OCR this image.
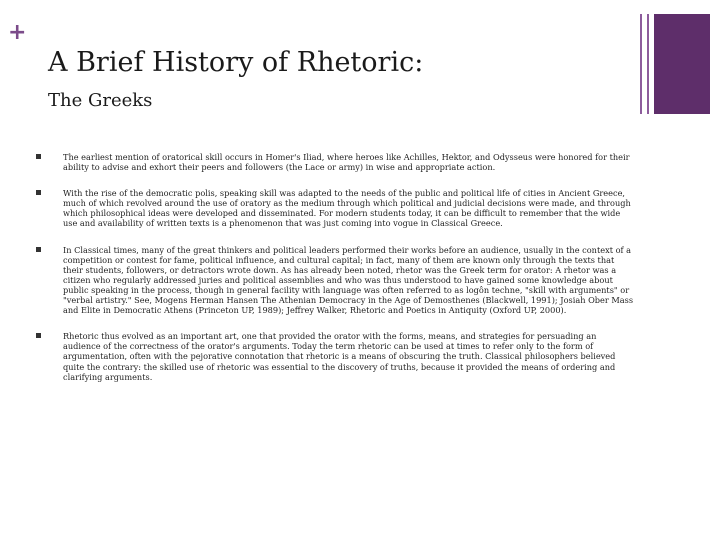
+
A Brief History of Rhetoric:
The Greeks
The earliest mention of oratorical skill occurs in Homer's Iliad, where heroes like Achilles, Hektor, and Odysseus were honored for their ability to advise and exhort their peers and followers (the Lace or army) in wise and appropriate action.
With the rise of the democratic polis, speaking skill was adapted to the needs of the public and political life of cities in Ancient Greece, much of which revolved around the use of oratory as the medium through which political and judicial decisions were made, and through which philosophical ideas were developed and disseminated. For modern students today, it can be difficult to remember that the wide use and availability of written texts is a phenomenon that was just coming into vogue in Classical Greece.
In Classical times, many of the great thinkers and political leaders performed their works before an audience, usually in the context of a competition or contest for fame, political influence, and cultural capital; in fact, many of them are known only through the texts that their students, followers, or detractors wrote down. As has already been noted, rhetor was the Greek term for orator: A rhetor was a citizen who regularly addressed juries and political assemblies and who was thus understood to have gained some knowledge about public speaking in the process, though in general facility with language was often referred to as logôn techne, "skill with arguments" or "verbal artistry." See, Mogens Herman Hansen The Athenian Democracy in the Age of Demosthenes (Blackwell, 1991); Josiah Ober Mass and Elite in Democratic Athens (Princeton UP, 1989); Jeffrey Walker, Rhetoric and Poetics in Antiquity (Oxford UP, 2000).
Rhetoric thus evolved as an important art, one that provided the orator with the forms, means, and strategies for persuading an audience of the correctness of the orator's arguments. Today the term rhetoric can be used at times to refer only to the form of argumentation, often with the pejorative connotation that rhetoric is a means of obscuring the truth. Classical philosophers believed quite the contrary: the skilled use of rhetoric was essential to the discovery of truths, because it provided the means of ordering and clarifying arguments.
